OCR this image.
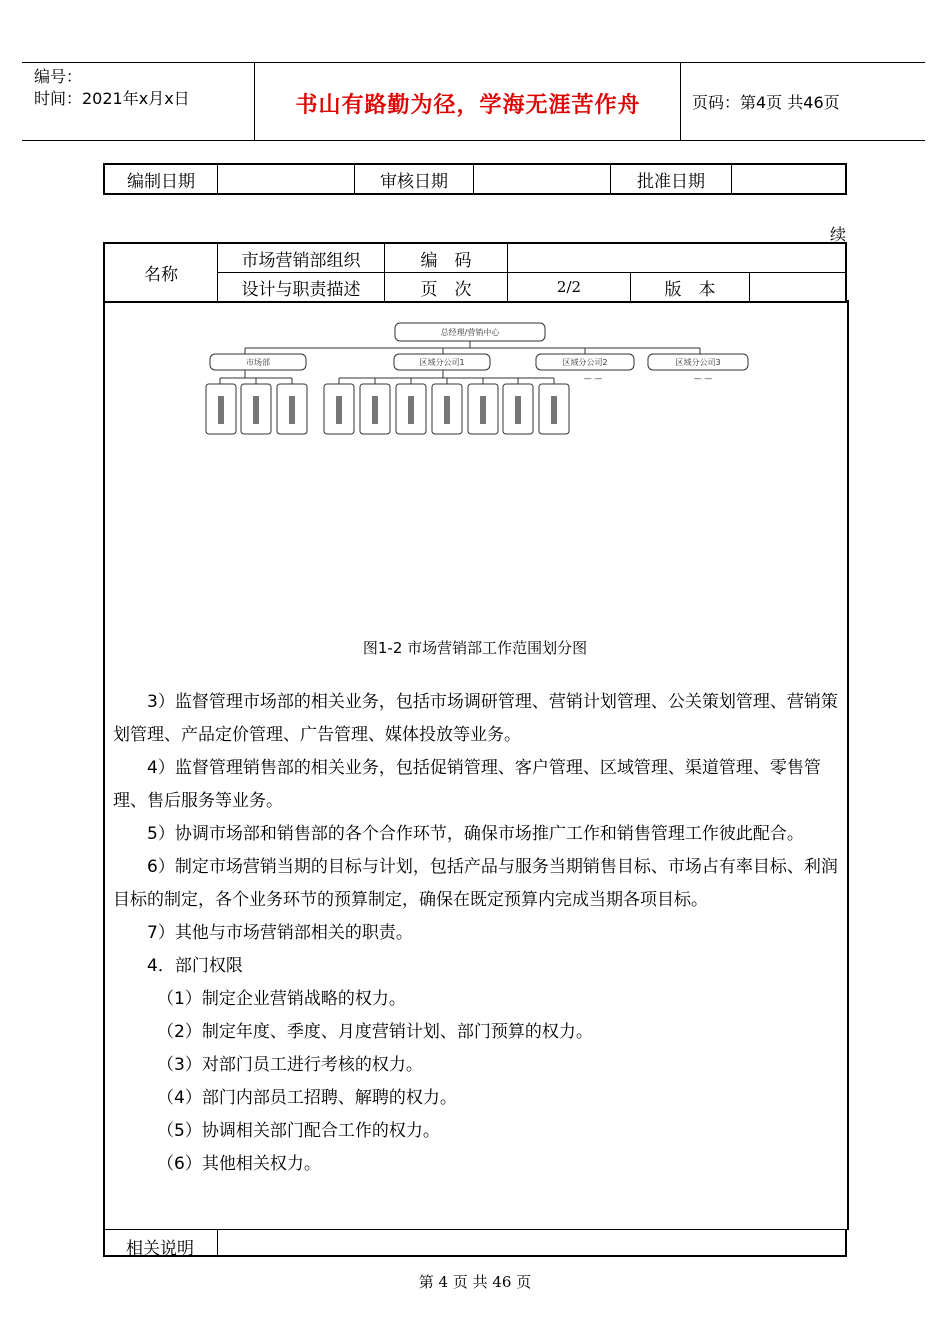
编号：
时间：2021年x月x日	书山有路勤为径，学海无涯苦作舟	页码：第4页 共46页
编制日期		审核日期		批准日期	
续
名称	市场营销部组织	编　码			
	设计与职责描述	页　次	2/2	版　本	
总经理/营销中心
市场部	区域分公司1	区域分公司2	区域分公司3
— —	— —
图1-2 市场营销部工作范围划分图

3）监督管理市场部的相关业务，包括市场调研管理、营销计划管理、公关策划管理、营销策划管理、产品定价管理、广告管理、媒体投放等业务。

4）监督管理销售部的相关业务，包括促销管理、客户管理、区域管理、渠道管理、零售管理、售后服务等业务。

5）协调市场部和销售部的各个合作环节，确保市场推广工作和销售管理工作彼此配合。

6）制定市场营销当期的目标与计划，包括产品与服务当期销售目标、市场占有率目标、利润目标的制定，各个业务环节的预算制定，确保在既定预算内完成当期各项目标。

7）其他与市场营销部相关的职责。

4．部门权限

（1）制定企业营销战略的权力。

（2）制定年度、季度、月度营销计划、部门预算的权力。

（3）对部门员工进行考核的权力。

（4）部门内部员工招聘、解聘的权力。

（5）协调相关部门配合工作的权力。

（6）其他相关权力。

相关说明
第 4 页 共 46 页
